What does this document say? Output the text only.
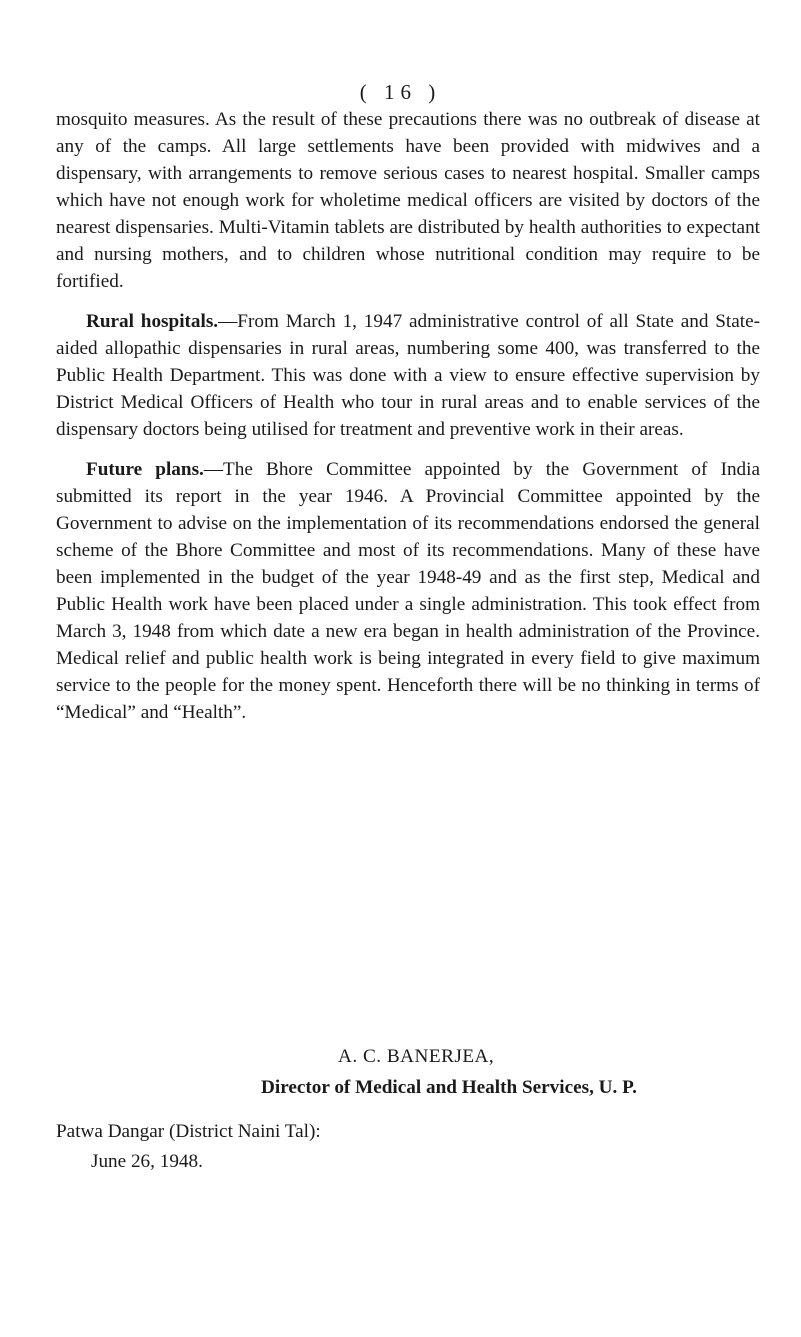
( 16 )

mosquito measures. As the result of these precautions there was no outbreak of disease at any of the camps. All large settlements have been provided with midwives and a dispensary, with arrangements to remove serious cases to nearest hospital. Smaller camps which have not enough work for wholetime medical officers are visited by doctors of the nearest dispensaries. Multi-Vitamin tablets are distributed by health authorities to expectant and nursing mothers, and to children whose nutritional condition may require to be fortified.

Rural hospitals.—From March 1, 1947 administrative control of all State and State-aided allopathic dispensaries in rural areas, numbering some 400, was transferred to the Public Health Department. This was done with a view to ensure effective supervision by District Medical Officers of Health who tour in rural areas and to enable services of the dispensary doctors being utilised for treatment and preventive work in their areas.

Future plans.—The Bhore Committee appointed by the Government of India submitted its report in the year 1946. A Provincial Committee appointed by the Government to advise on the implementation of its recommendations endorsed the general scheme of the Bhore Committee and most of its recommendations. Many of these have been implemented in the budget of the year 1948-49 and as the first step, Medical and Public Health work have been placed under a single administration. This took effect from March 3, 1948 from which date a new era began in health administration of the Province. Medical relief and public health work is being integrated in every field to give maximum service to the people for the money spent. Henceforth there will be no thinking in terms of “Medical” and “Health”.

A. C. BANERJEA,
Director of Medical and Health Services, U. P.
Patwa Dangar (District Naini Tal):
June 26, 1948.
